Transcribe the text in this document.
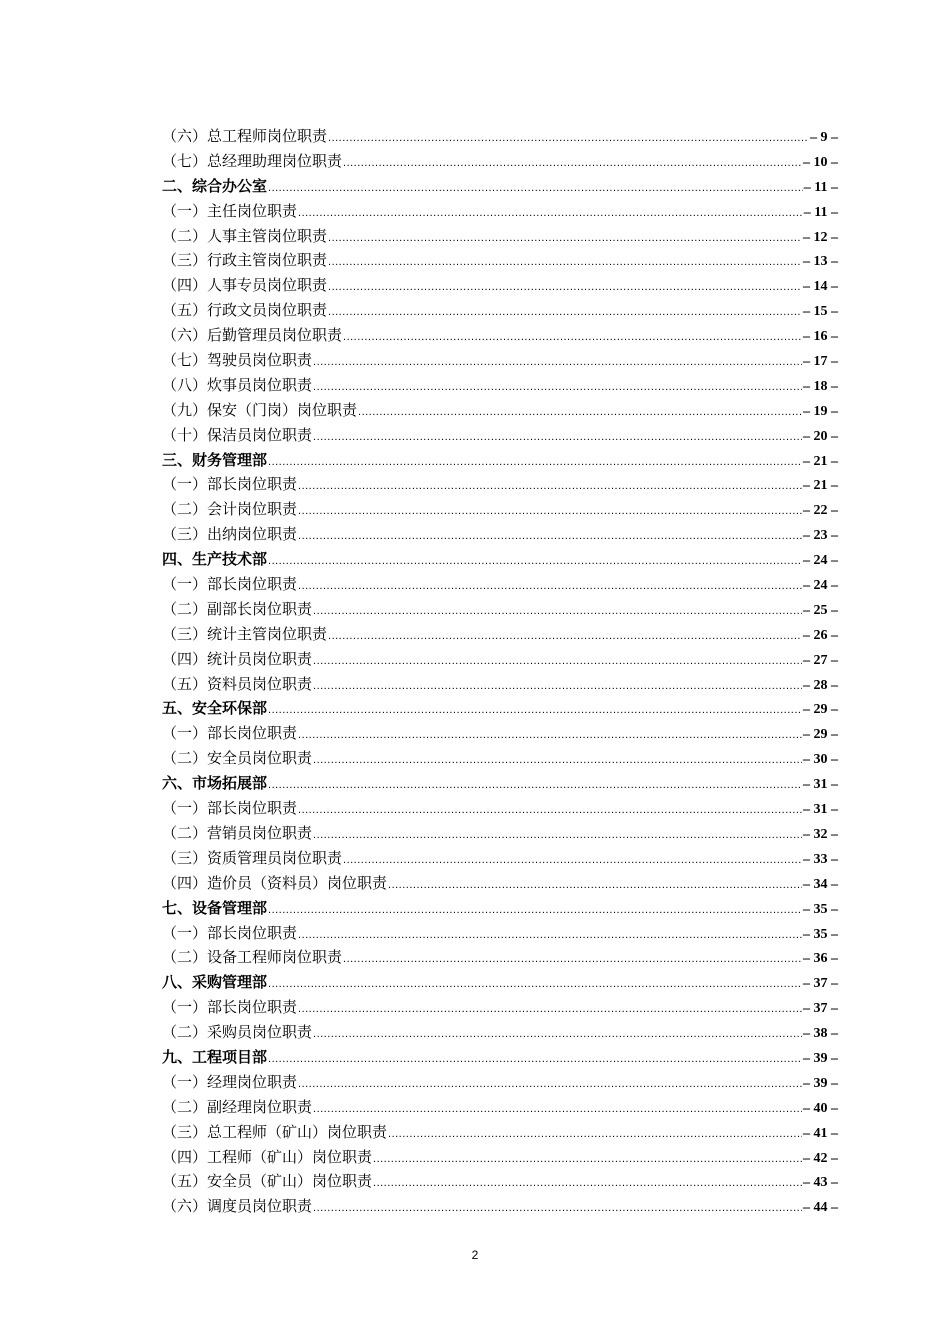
（六）总工程师岗位职责 .....	– 9 –
（七）总经理助理岗位职责 .....	– 10 –
二、综合办公室 .....	– 11 –
（一）主任岗位职责 .....	– 11 –
（二）人事主管岗位职责 .....	– 12 –
（三）行政主管岗位职责 .....	– 13 –
（四）人事专员岗位职责 .....	– 14 –
（五）行政文员岗位职责 .....	– 15 –
（六）后勤管理员岗位职责 .....	– 16 –
（七）驾驶员岗位职责 .....	– 17 –
（八）炊事员岗位职责 .....	– 18 –
（九）保安（门岗）岗位职责 .....	– 19 –
（十）保洁员岗位职责 .....	– 20 –
三、财务管理部 .....	– 21 –
（一）部长岗位职责 .....	– 21 –
（二）会计岗位职责 .....	– 22 –
（三）出纳岗位职责 .....	– 23 –
四、生产技术部 .....	– 24 –
（一）部长岗位职责 .....	– 24 –
（二）副部长岗位职责 .....	– 25 –
（三）统计主管岗位职责 .....	– 26 –
（四）统计员岗位职责 .....	– 27 –
（五）资料员岗位职责 .....	– 28 –
五、安全环保部 .....	– 29 –
（一）部长岗位职责 .....	– 29 –
（二）安全员岗位职责 .....	– 30 –
六、市场拓展部 .....	– 31 –
（一）部长岗位职责 .....	– 31 –
（二）营销员岗位职责 .....	– 32 –
（三）资质管理员岗位职责 .....	– 33 –
（四）造价员（资料员）岗位职责 .....	– 34 –
七、设备管理部 .....	– 35 –
（一）部长岗位职责 .....	– 35 –
（二）设备工程师岗位职责 .....	– 36 –
八、采购管理部 .....	– 37 –
（一）部长岗位职责 .....	– 37 –
（二）采购员岗位职责 .....	– 38 –
九、工程项目部 .....	– 39 –
（一）经理岗位职责 .....	– 39 –
（二）副经理岗位职责 .....	– 40 –
（三）总工程师（矿山）岗位职责 .....	– 41 –
（四）工程师（矿山）岗位职责 .....	– 42 –
（五）安全员（矿山）岗位职责 .....	– 43 –
（六）调度员岗位职责 .....	– 44 –
2
